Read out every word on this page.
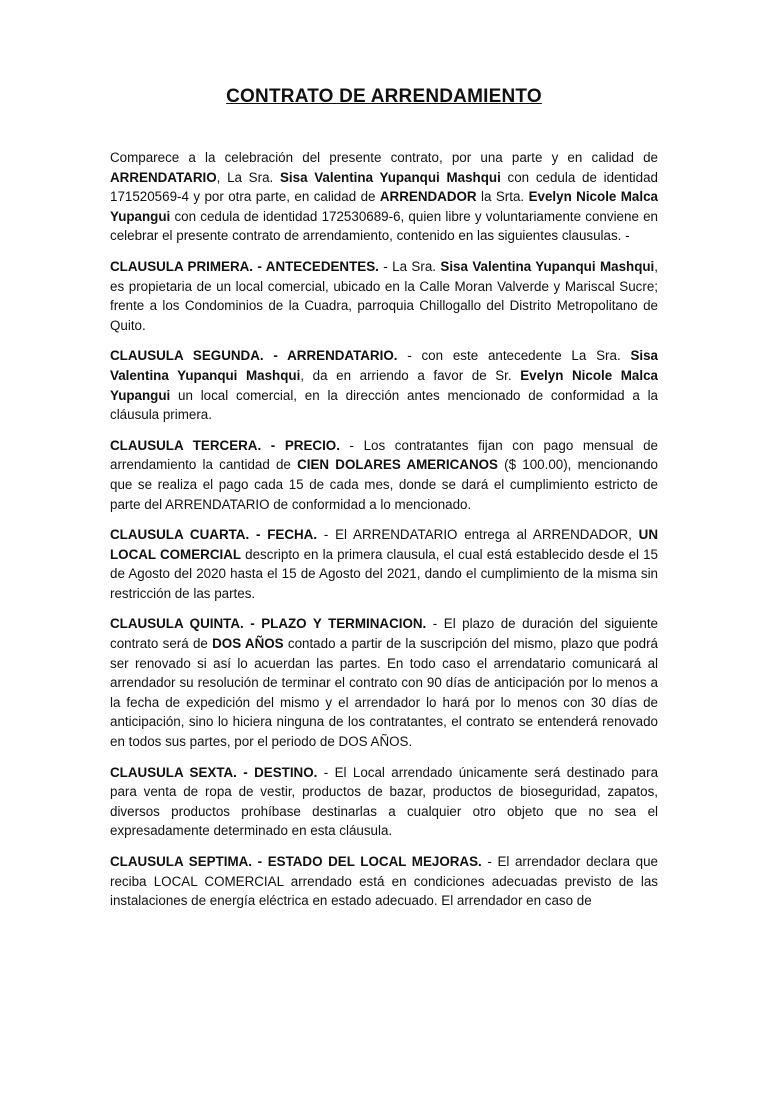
CONTRATO DE ARRENDAMIENTO

Comparece a la celebración del presente contrato, por una parte y en calidad de ARRENDATARIO, La Sra. Sisa Valentina Yupanqui Mashqui con cedula de identidad 171520569-4 y por otra parte, en calidad de ARRENDADOR la Srta. Evelyn Nicole Malca Yupangui con cedula de identidad 172530689-6, quien libre y voluntariamente conviene en celebrar el presente contrato de arrendamiento, contenido en las siguientes clausulas. -

CLAUSULA PRIMERA. - ANTECEDENTES. - La Sra. Sisa Valentina Yupanqui Mashqui, es propietaria de un local comercial, ubicado en la Calle Moran Valverde y Mariscal Sucre; frente a los Condominios de la Cuadra, parroquia Chillogallo del Distrito Metropolitano de Quito.

CLAUSULA SEGUNDA. - ARRENDATARIO. - con este antecedente La Sra. Sisa Valentina Yupanqui Mashqui, da en arriendo a favor de Sr. Evelyn Nicole Malca Yupangui un local comercial, en la dirección antes mencionado de conformidad a la cláusula primera.

CLAUSULA TERCERA. - PRECIO. - Los contratantes fijan con pago mensual de arrendamiento la cantidad de CIEN DOLARES AMERICANOS ($ 100.00), mencionando que se realiza el pago cada 15 de cada mes, donde se dará el cumplimiento estricto de parte del ARRENDATARIO de conformidad a lo mencionado.

CLAUSULA CUARTA. - FECHA. - El ARRENDATARIO entrega al ARRENDADOR, UN LOCAL COMERCIAL descripto en la primera clausula, el cual está establecido desde el 15 de Agosto del 2020 hasta el 15 de Agosto del 2021, dando el cumplimiento de la misma sin restricción de las partes.

CLAUSULA QUINTA. - PLAZO Y TERMINACION. - El plazo de duración del siguiente contrato será de DOS AÑOS contado a partir de la suscripción del mismo, plazo que podrá ser renovado si así lo acuerdan las partes. En todo caso el arrendatario comunicará al arrendador su resolución de terminar el contrato con 90 días de anticipación por lo menos a la fecha de expedición del mismo y el arrendador lo hará por lo menos con 30 días de anticipación, sino lo hiciera ninguna de los contratantes, el contrato se entenderá renovado en todos sus partes, por el periodo de DOS AÑOS.

CLAUSULA SEXTA. - DESTINO. - El Local arrendado únicamente será destinado para para venta de ropa de vestir, productos de bazar, productos de bioseguridad, zapatos, diversos productos prohíbase destinarlas a cualquier otro objeto que no sea el expresadamente determinado en esta cláusula.

CLAUSULA SEPTIMA. - ESTADO DEL LOCAL MEJORAS. - El arrendador declara que reciba LOCAL COMERCIAL arrendado está en condiciones adecuadas previsto de las instalaciones de energía eléctrica en estado adecuado. El arrendador en caso de
